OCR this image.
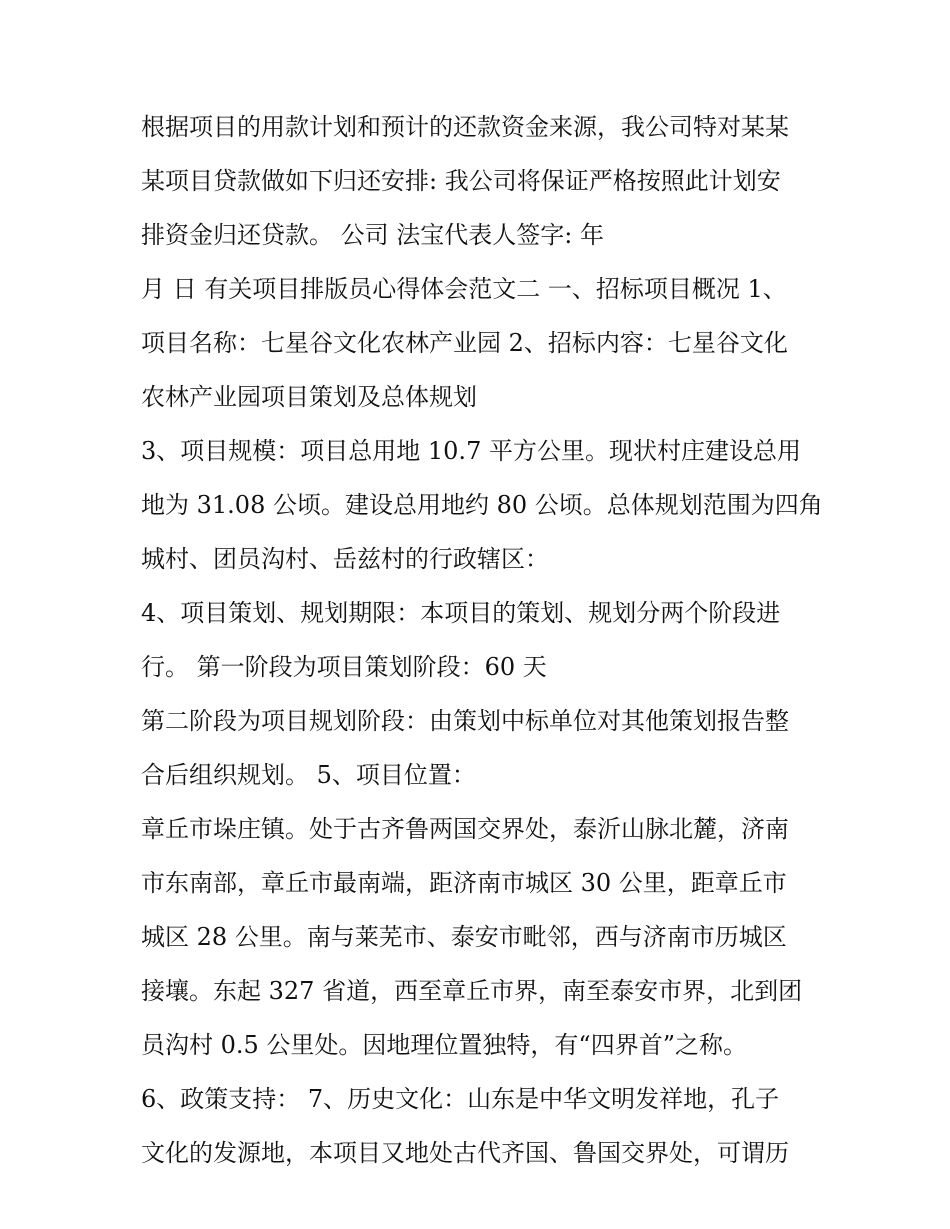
根据项目的用款计划和预计的还款资金来源，我公司特对某某
某项目贷款做如下归还安排: 我公司将保证严格按照此计划安
排资金归还贷款。 公司 法宝代表人签字: 年
月 日 有关项目排版员心得体会范文二 一、招标项目概况 1、
项目名称：七星谷文化农林产业园 2、招标内容：七星谷文化
农林产业园项目策划及总体规划
3、项目规模：项目总用地 10.7 平方公里。现状村庄建设总用
地为 31.08 公顷。建设总用地约 80 公顷。总体规划范围为四角
城村、团员沟村、岳兹村的行政辖区：
4、项目策划、规划期限：本项目的策划、规划分两个阶段进
行。 第一阶段为项目策划阶段：60 天
第二阶段为项目规划阶段：由策划中标单位对其他策划报告整
合后组织规划。 5、项目位置：
章丘市垛庄镇。处于古齐鲁两国交界处，泰沂山脉北麓，济南
市东南部，章丘市最南端，距济南市城区 30 公里，距章丘市
城区 28 公里。南与莱芜市、泰安市毗邻，西与济南市历城区
接壤。东起 327 省道，西至章丘市界，南至泰安市界，北到团
员沟村 0.5 公里处。因地理位置独特，有“四界首”之称。
6、政策支持： 7、历史文化：山东是中华文明发祥地，孔子
文化的发源地，本项目又地处古代齐国、鲁国交界处，可谓历
